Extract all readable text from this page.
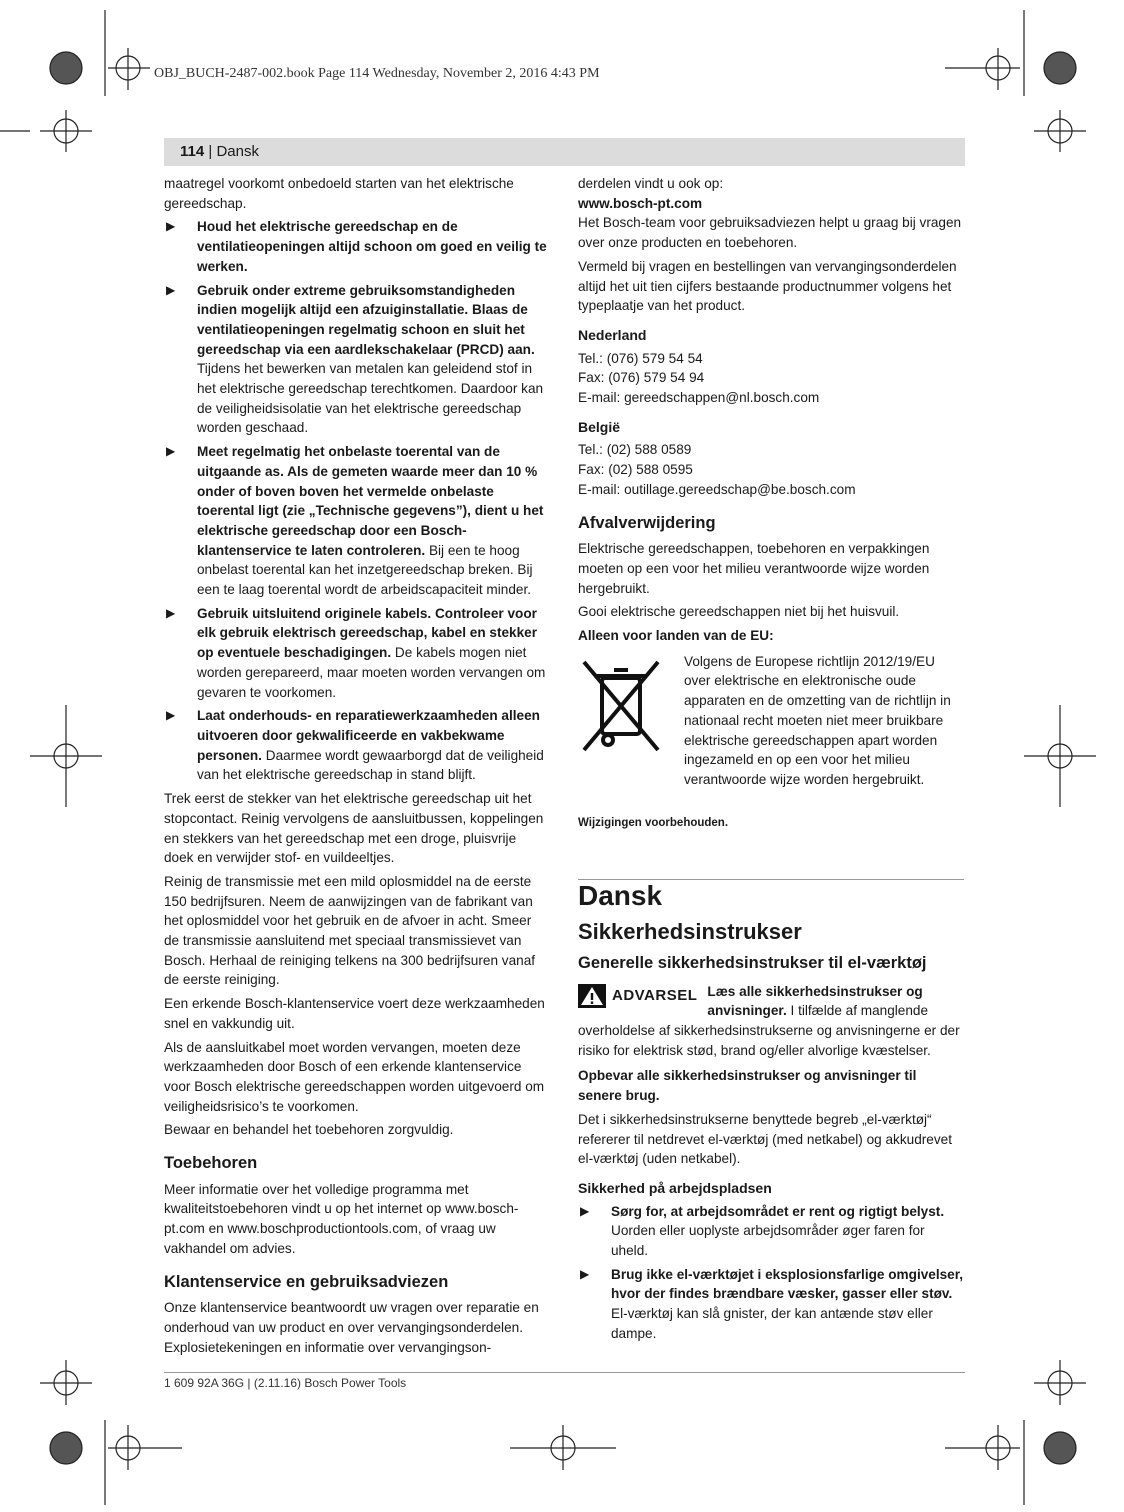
OBJ_BUCH-2487-002.book Page 114 Wednesday, November 2, 2016 4:43 PM
114 | Dansk

maatregel voorkomt onbedoeld starten van het elektrische gereedschap.

▶ Houd het elektrische gereedschap en de ventilatieopeningen altijd schoon om goed en veilig te werken.
▶ Gebruik onder extreme gebruiksomstandigheden indien mogelijk altijd een afzuiginstallatie. Blaas de ventilatieopeningen regelmatig schoon en sluit het gereedschap via een aardlekschakelaar (PRCD) aan. Tijdens het bewerken van metalen kan geleidend stof in het elektrische gereedschap terechtkomen. Daardoor kan de veiligheidsisolatie van het elektrische gereedschap worden geschaad.
▶ Meet regelmatig het onbelaste toerental van de uitgaande as. Als de gemeten waarde meer dan 10 % onder of boven boven het vermelde onbelaste toerental ligt (zie „Technische gegevens”), dient u het elektrische gereedschap door een Bosch-klantenservice te laten controleren. Bij een te hoog onbelast toerental kan het inzetgereedschap breken. Bij een te laag toerental wordt de arbeidscapaciteit minder.
▶ Gebruik uitsluitend originele kabels. Controleer voor elk gebruik elektrisch gereedschap, kabel en stekker op eventuele beschadigingen. De kabels mogen niet worden gerepareerd, maar moeten worden vervangen om gevaren te voorkomen.
▶ Laat onderhouds- en reparatiewerkzaamheden alleen uitvoeren door gekwalificeerde en vakbekwame personen. Daarmee wordt gewaarborgd dat de veiligheid van het elektrische gereedschap in stand blijft.

Trek eerst de stekker van het elektrische gereedschap uit het stopcontact. Reinig vervolgens de aansluitbussen, koppelingen en stekkers van het gereedschap met een droge, pluisvrije doek en verwijder stof- en vuildeeltjes.

Reinig de transmissie met een mild oplosmiddel na de eerste 150 bedrijfsuren. Neem de aanwijzingen van de fabrikant van het oplosmiddel voor het gebruik en de afvoer in acht. Smeer de transmissie aansluitend met speciaal transmissievet van Bosch. Herhaal de reiniging telkens na 300 bedrijfsuren vanaf de eerste reiniging.

Een erkende Bosch-klantenservice voert deze werkzaamheden snel en vakkundig uit.

Als de aansluitkabel moet worden vervangen, moeten deze werkzaamheden door Bosch of een erkende klantenservice voor Bosch elektrische gereedschappen worden uitgevoerd om veiligheidsrisico’s te voorkomen.

Bewaar en behandel het toebehoren zorgvuldig.

Toebehoren

Meer informatie over het volledige programma met kwaliteitstoebehoren vindt u op het internet op www.bosch-pt.com en www.boschproductiontools.com, of vraag uw vakhandel om advies.

Klantenservice en gebruiksadviezen

Onze klantenservice beantwoordt uw vragen over reparatie en onderhoud van uw product en over vervangingsonderdelen. Explosietekeningen en informatie over vervangingson-

derdelen vindt u ook op:

www.bosch-pt.com

Het Bosch-team voor gebruiksadviezen helpt u graag bij vragen over onze producten en toebehoren.

Vermeld bij vragen en bestellingen van vervangingsonderdelen altijd het uit tien cijfers bestaande productnummer volgens het typeplaatje van het product.

Nederland

Tel.: (076) 579 54 54

Fax: (076) 579 54 94

E-mail: gereedschappen@nl.bosch.com

België

Tel.: (02) 588 0589

Fax: (02) 588 0595

E-mail: outillage.gereedschap@be.bosch.com

Afvalverwijdering

Elektrische gereedschappen, toebehoren en verpakkingen moeten op een voor het milieu verantwoorde wijze worden hergebruikt.

Gooi elektrische gereedschappen niet bij het huisvuil.

Alleen voor landen van de EU:

Volgens de Europese richtlijn 2012/19/EU over elektrische en elektronische oude apparaten en de omzetting van de richtlijn in nationaal recht moeten niet meer bruikbare elektrische gereedschappen apart worden ingezameld en op een voor het milieu verantwoorde wijze worden hergebruikt.

Wijzigingen voorbehouden.

Dansk
Sikkerhedsinstrukser
Generelle sikkerhedsinstrukser til el-værktøj
ADVARSEL Læs alle sikkerhedsinstrukser og anvisninger. I tilfælde af manglende overholdelse af sikkerhedsinstrukserne og anvisningerne er der risiko for elektrisk stød, brand og/eller alvorlige kvæstelser.

Opbevar alle sikkerhedsinstrukser og anvisninger til senere brug.

Det i sikkerhedsinstrukserne benyttede begreb „el-værktøj“ refererer til netdrevet el-værktøj (med netkabel) og akkudrevet el-værktøj (uden netkabel).

Sikkerhed på arbejdspladsen
▶ Sørg for, at arbejdsområdet er rent og rigtigt belyst. Uorden eller uoplyste arbejdsområder øger faren for uheld.
▶ Brug ikke el-værktøjet i eksplosionsfarlige omgivelser, hvor der findes brændbare væsker, gasser eller støv. El-værktøj kan slå gnister, der kan antænde støv eller dampe.
1 609 92A 36G | (2.11.16) Bosch Power Tools
